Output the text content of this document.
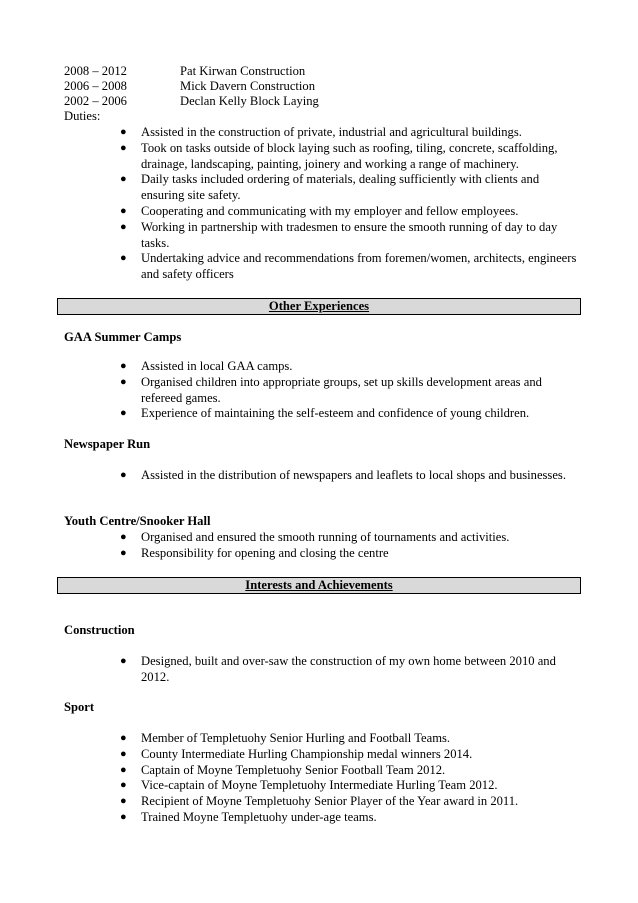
2008 – 2012	Pat Kirwan Construction
2006 – 2008	Mick Davern Construction
2002 – 2006	Declan Kelly Block Laying
Duties:
● Assisted in the construction of private, industrial and agricultural buildings.
● Took on tasks outside of block laying such as roofing, tiling, concrete, scaffolding, drainage, landscaping, painting, joinery and working a range of machinery.
● Daily tasks included ordering of materials, dealing sufficiently with clients and ensuring site safety.
● Cooperating and communicating with my employer and fellow employees.
● Working in partnership with tradesmen to ensure the smooth running of day to day tasks.
● Undertaking advice and recommendations from foremen/women, architects, engineers and safety officers
Other Experiences
GAA Summer Camps
● Assisted in local GAA camps.
● Organised children into appropriate groups, set up skills development areas and refereed games.
● Experience of maintaining the self-esteem and confidence of young children.
Newspaper Run
● Assisted in the distribution of newspapers and leaflets to local shops and businesses.
Youth Centre/Snooker Hall
● Organised and ensured the smooth running of tournaments and activities.
● Responsibility for opening and closing the centre
Interests and Achievements
Construction
● Designed, built and over-saw the construction of my own home between 2010 and 2012.
Sport
● Member of Templetuohy Senior Hurling and Football Teams.
● County Intermediate Hurling Championship medal winners 2014.
● Captain of Moyne Templetuohy Senior Football Team 2012.
● Vice-captain of Moyne Templetuohy Intermediate Hurling Team 2012.
● Recipient of Moyne Templetuohy Senior Player of the Year award in 2011.
● Trained Moyne Templetuohy under-age teams.
